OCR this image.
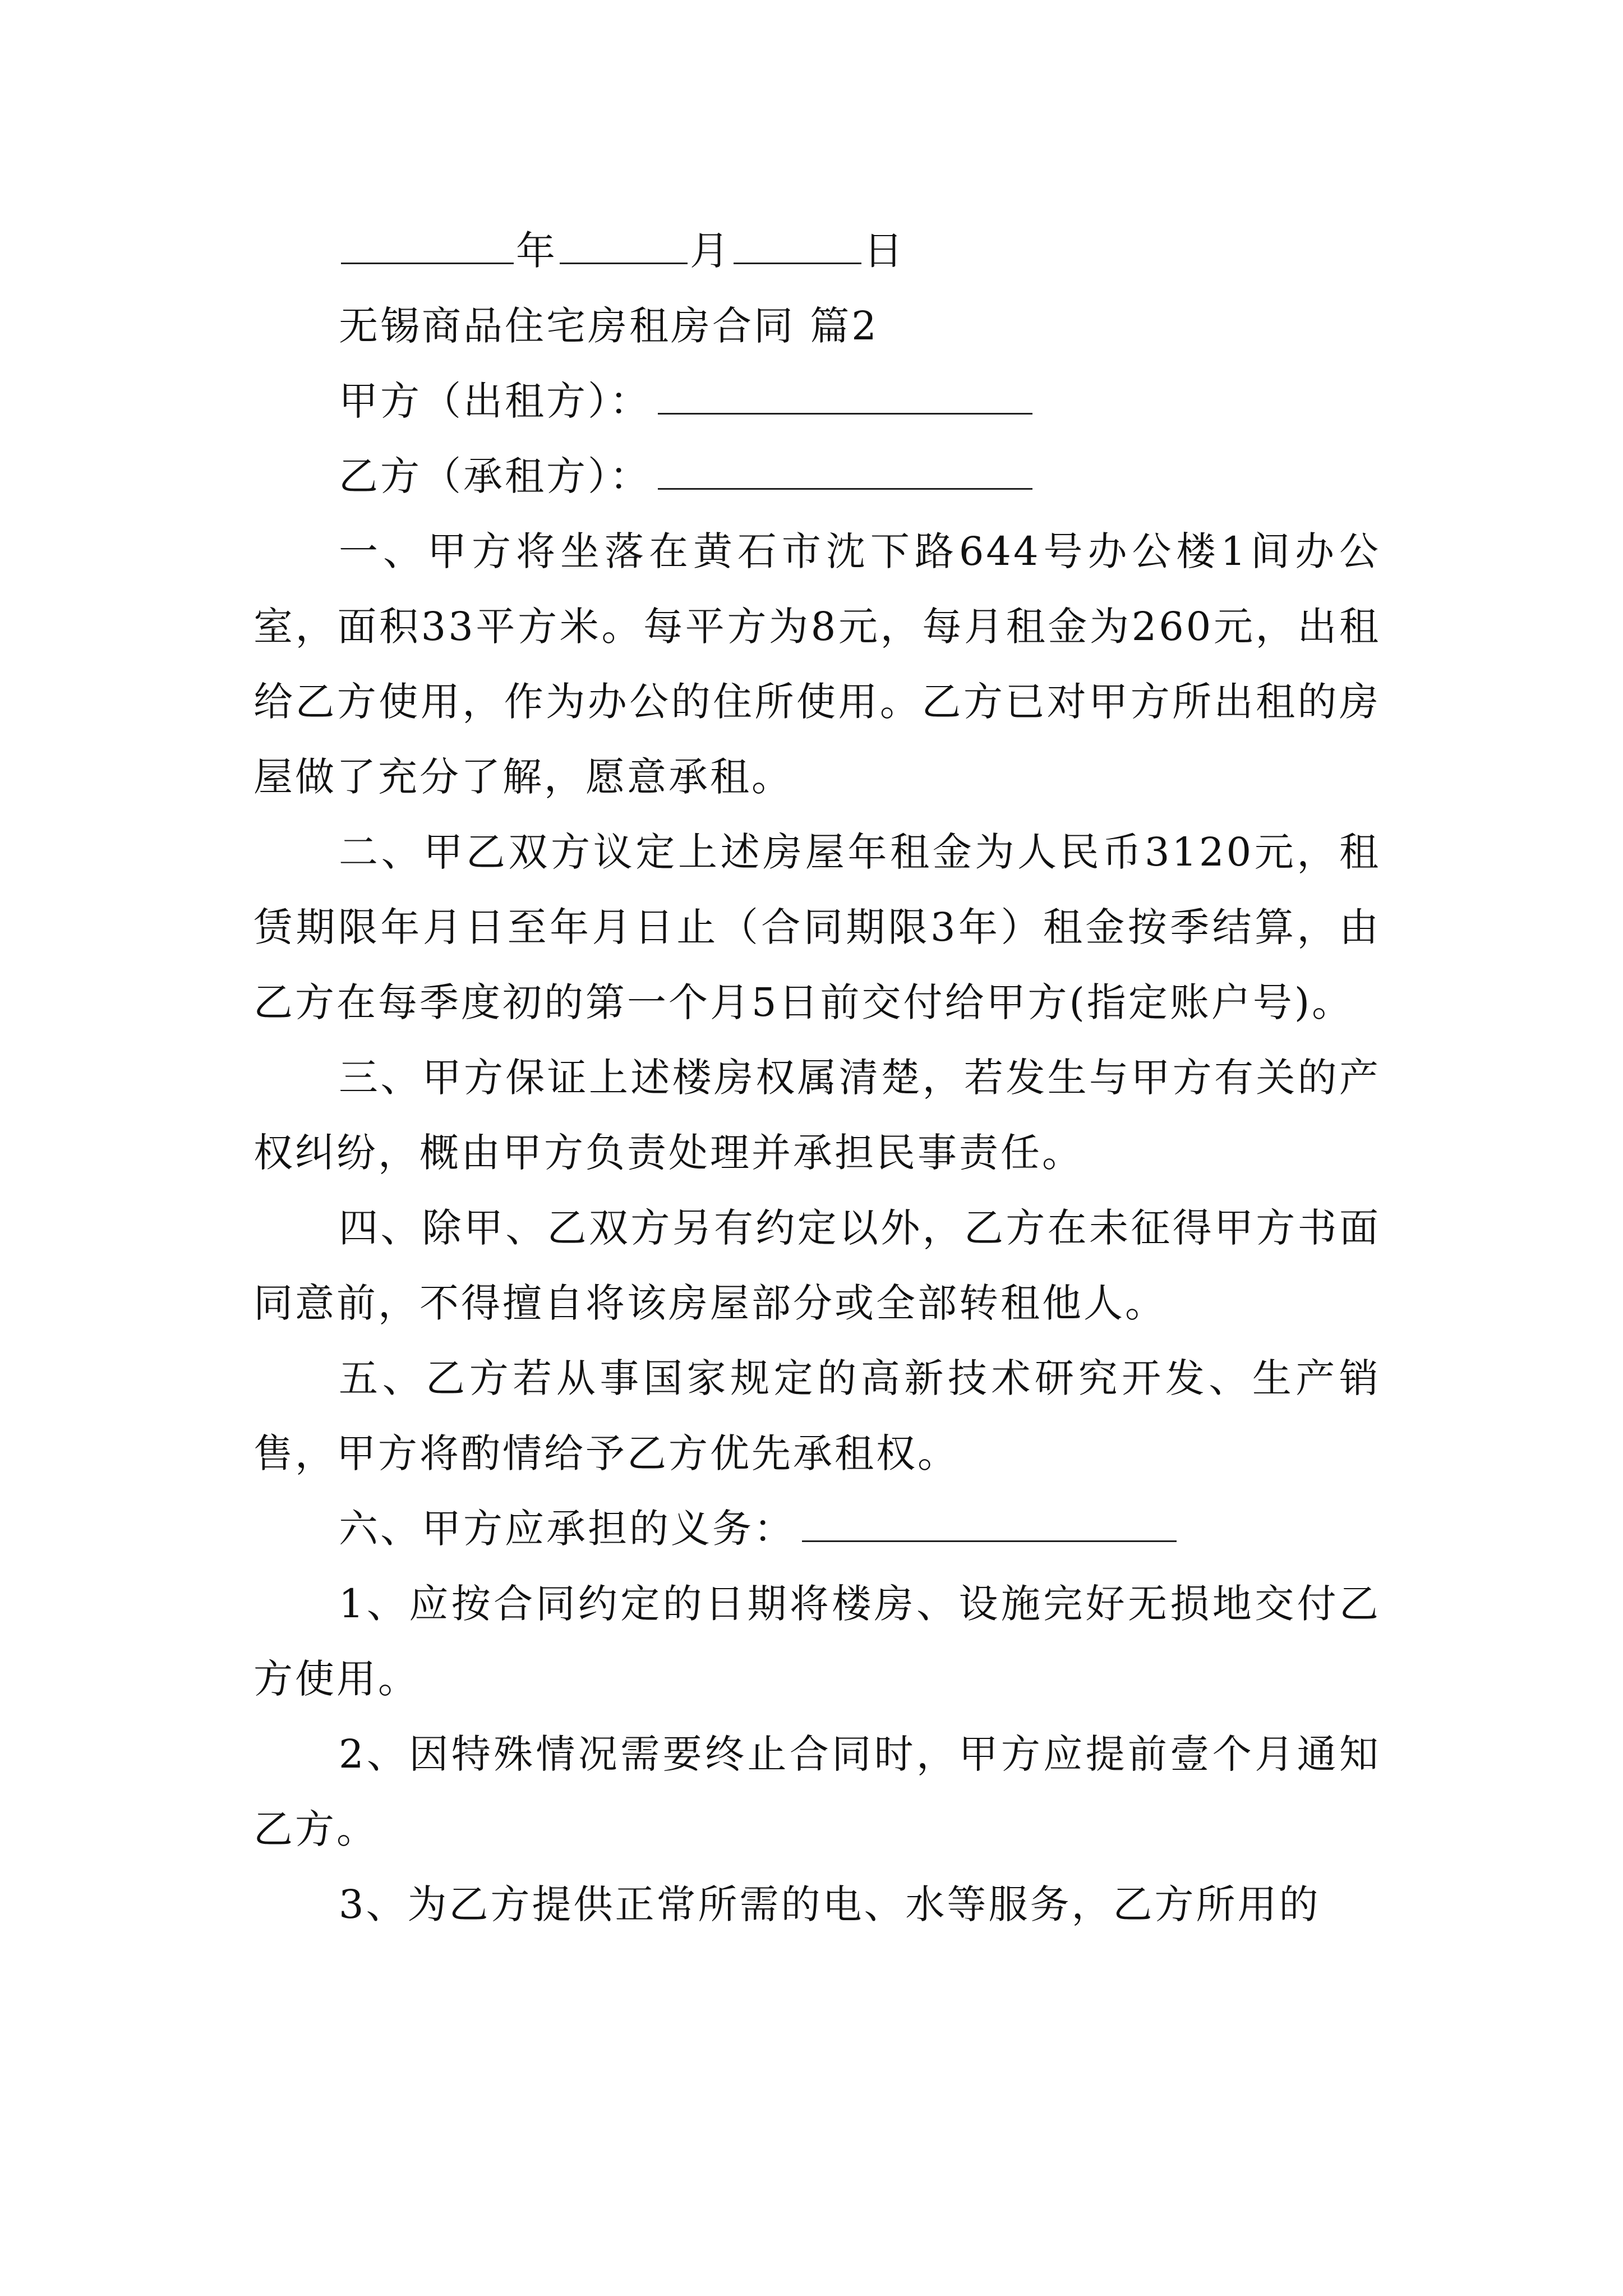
年	月	日
无锡商品住宅房租房合同 篇2
甲方（出租方）：
乙方（承租方）：

一、甲方将坐落在黄石市沈下路644号办公楼1间办公室，面积33平方米。每平方为8元，每月租金为260元，出租给乙方使用，作为办公的住所使用。乙方已对甲方所出租的房屋做了充分了解，愿意承租。

二、甲乙双方议定上述房屋年租金为人民币3120元，租赁期限年月日至年月日止（合同期限3年）租金按季结算，由乙方在每季度初的第一个月5日前交付给甲方(指定账户号)。

三、甲方保证上述楼房权属清楚，若发生与甲方有关的产权纠纷，概由甲方负责处理并承担民事责任。

四、除甲、乙双方另有约定以外，乙方在未征得甲方书面同意前，不得擅自将该房屋部分或全部转租他人。

五、乙方若从事国家规定的高新技术研究开发、生产销售，甲方将酌情给予乙方优先承租权。

六、甲方应承担的义务：

1、应按合同约定的日期将楼房、设施完好无损地交付乙方使用。

2、因特殊情况需要终止合同时，甲方应提前壹个月通知乙方。

3、为乙方提供正常所需的电、水等服务，乙方所用的
